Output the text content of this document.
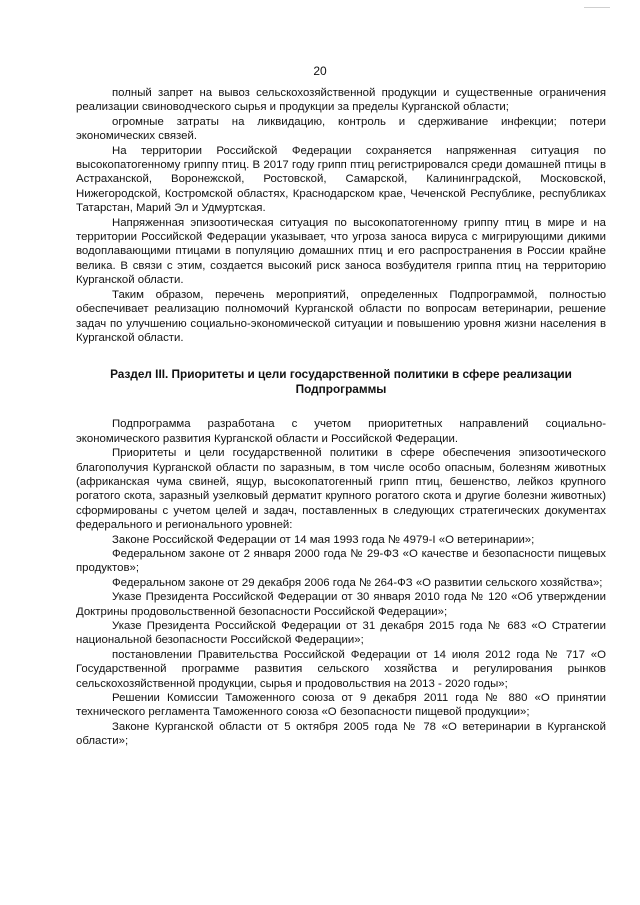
20

полный запрет на вывоз сельскохозяйственной продукции и существенные ограничения реализации свиноводческого сырья и продукции за пределы Курганской области;

огромные затраты на ликвидацию, контроль и сдерживание инфекции; потери экономических связей.

На территории Российской Федерации сохраняется напряженная ситуация по высокопатогенному гриппу птиц. В 2017 году грипп птиц регистрировался среди домашней птицы в Астраханской, Воронежской, Ростовской, Самарской, Калининградской, Московской, Нижегородской, Костромской областях, Краснодарском крае, Чеченской Республике, республиках Татарстан, Марий Эл и Удмуртская.

Напряженная эпизоотическая ситуация по высокопатогенному гриппу птиц в мире и на территории Российской Федерации указывает, что угроза заноса вируса с мигрирующими дикими водоплавающими птицами в популяцию домашних птиц и его распространения в России крайне велика. В связи с этим, создается высокий риск заноса возбудителя гриппа птиц на территорию Курганской области.

Таким образом, перечень мероприятий, определенных Подпрограммой, полностью обеспечивает реализацию полномочий Курганской области по вопросам ветеринарии, решение задач по улучшению социально-экономической ситуации и повышению уровня жизни населения в Курганской области.

Раздел III. Приоритеты и цели государственной политики в сфере реализации Подпрограммы

Подпрограмма разработана с учетом приоритетных направлений социально-экономического развития Курганской области и Российской Федерации.

Приоритеты и цели государственной политики в сфере обеспечения эпизоотического благополучия Курганской области по заразным, в том числе особо опасным, болезням животных (африканская чума свиней, ящур, высокопатогенный грипп птиц, бешенство, лейкоз крупного рогатого скота, заразный узелковый дерматит крупного рогатого скота и другие болезни животных) сформированы с учетом целей и задач, поставленных в следующих стратегических документах федерального и регионального уровней:

Законе Российской Федерации от 14 мая 1993 года № 4979-I «О ветеринарии»;

Федеральном законе от 2 января 2000 года № 29-ФЗ «О качестве и безопасности пищевых продуктов»;

Федеральном законе от 29 декабря 2006 года № 264-ФЗ «О развитии сельского хозяйства»;

Указе Президента Российской Федерации от 30 января 2010 года № 120 «Об утверждении Доктрины продовольственной безопасности Российской Федерации»;

Указе Президента Российской Федерации от 31 декабря 2015 года № 683 «О Стратегии национальной безопасности Российской Федерации»;

постановлении Правительства Российской Федерации от 14 июля 2012 года № 717 «О Государственной программе развития сельского хозяйства и регулирования рынков сельскохозяйственной продукции, сырья и продовольствия на 2013 - 2020 годы»;

Решении Комиссии Таможенного союза от 9 декабря 2011 года № 880 «О принятии технического регламента Таможенного союза «О безопасности пищевой продукции»;

Законе Курганской области от 5 октября 2005 года № 78 «О ветеринарии в Курганской области»;
